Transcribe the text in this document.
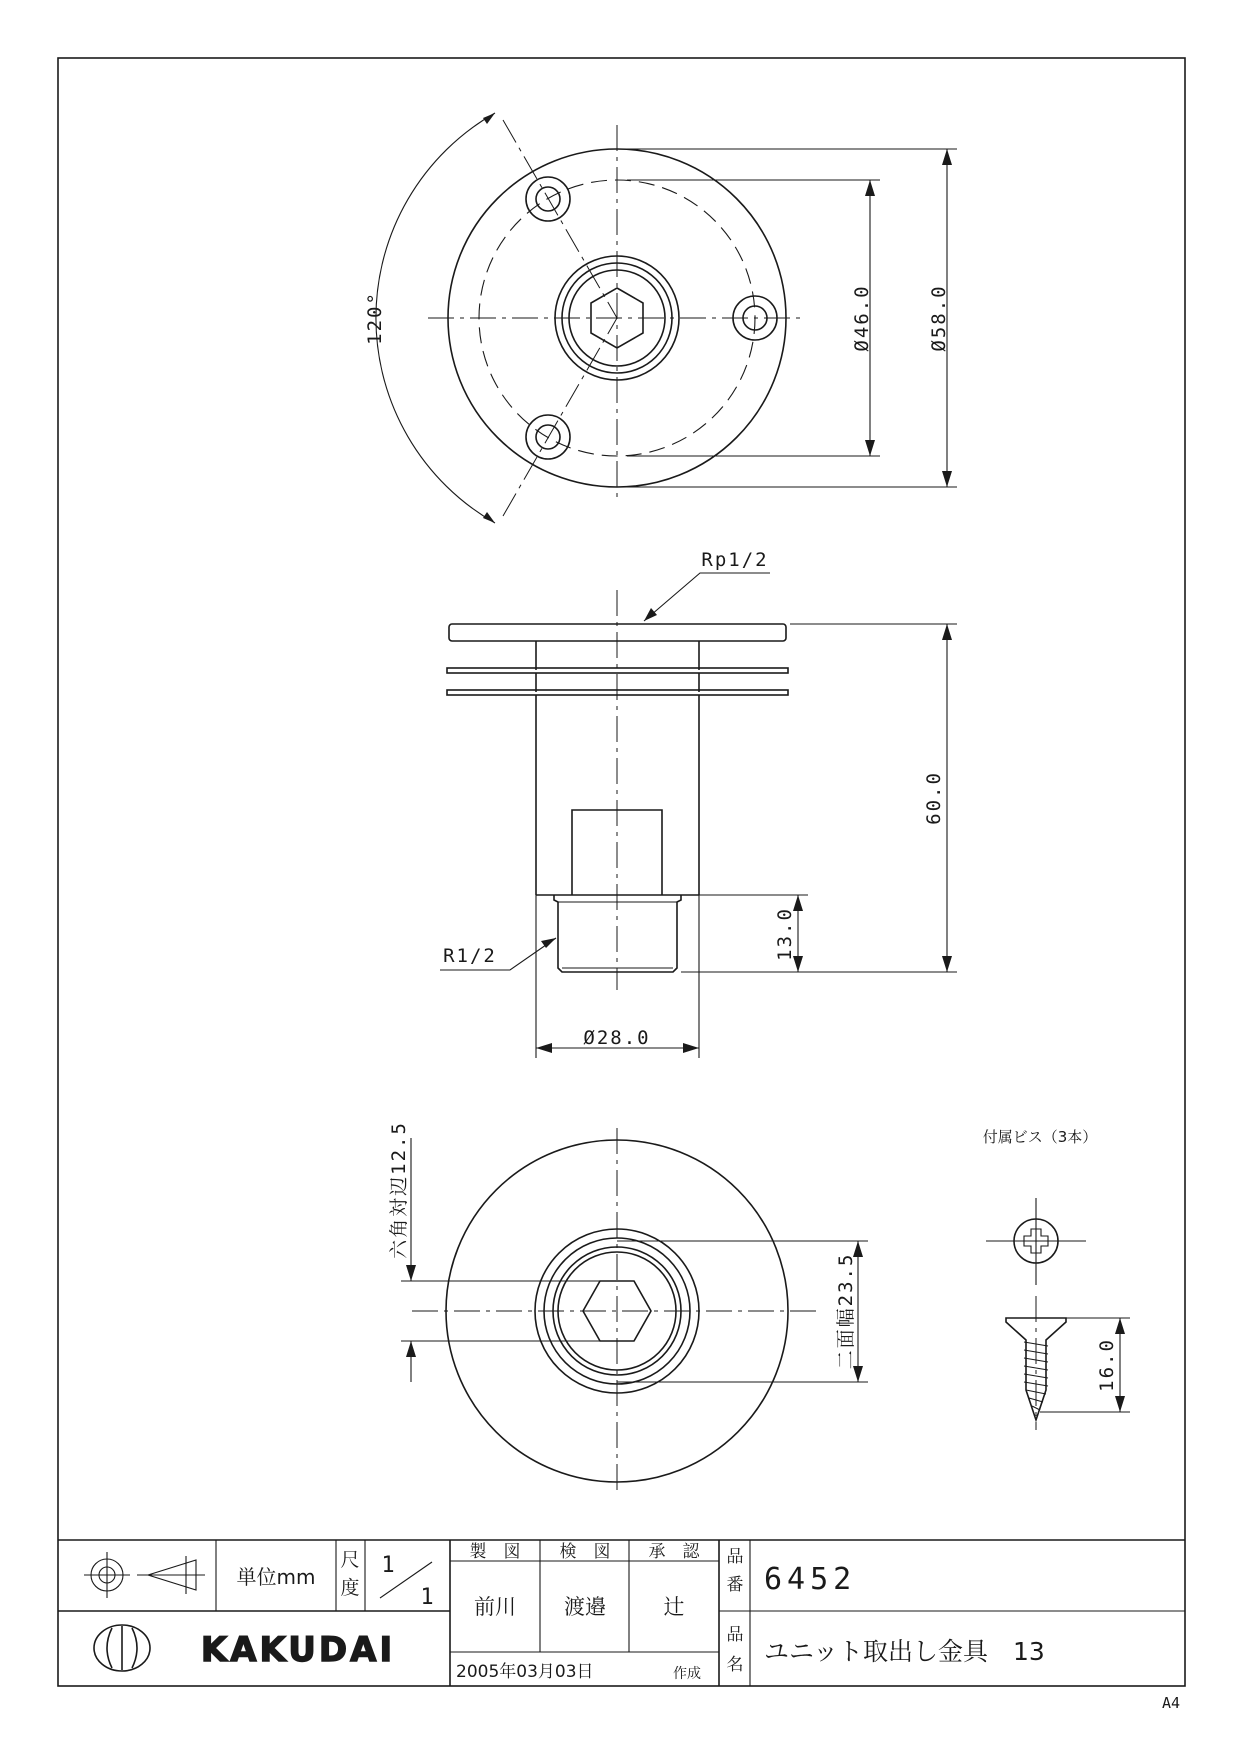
120°	Ø46.0	Ø58.0
Rp1/2
60.0
13.0
R1/2
Ø28.0
六角対辺12.5
二面幅23.5
付属ビス（3本）
16.0
単位mm
尺
度
1
1
製　図 検　図 承　認
前川 渡邉	辻
2005年03月03日	作成
品
番 6452
品
名 ユニット取出し金具　13
KAKUDAI
A4
